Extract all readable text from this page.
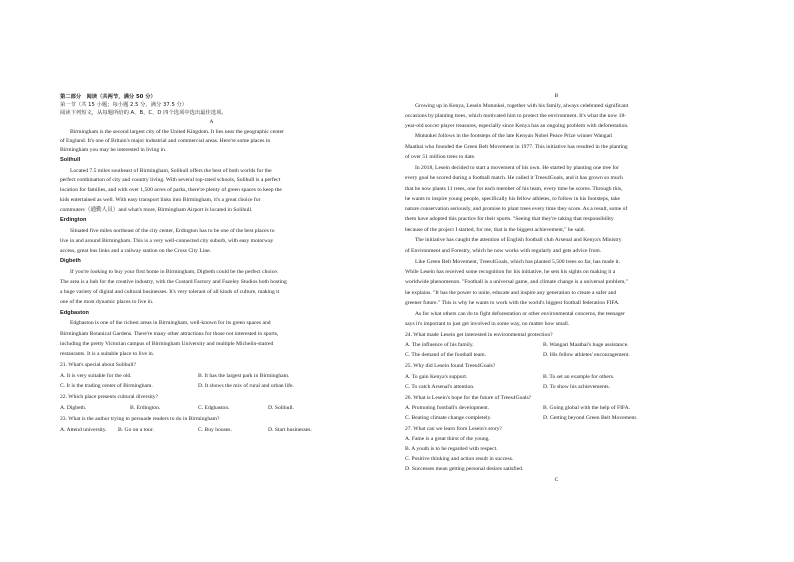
第二部分　阅读（共两节，满分 50 分）
第一节（共 15 小题；每小题 2.5 分，满分 37.5 分）
阅读下列短文，从每题所给的 A、B、C、D 四个选项中选出最佳选项。
A
Birmingham is the second largest city of the United Kingdom. It lies near the geographic center
of England. It's one of Britain's major industrial and commercial areas. Here're some places in
Birmingham you may be interested in living in.
Solihull
Located 7.5 miles southeast of Birmingham, Solihull offers the best of both worlds for the
perfect combination of city and country living. With several top-rated schools, Solihull is a perfect
location for families, and with over 1,500 acres of parks, there're plenty of green spaces to keep the
kids entertained as well. With easy transport links into Birmingham, it's a great choice for
commuters（通勤人员）and what's more, Birmingham Airport is located in Solihull.
Erdington
Situated five miles northeast of the city center, Erdington has to be one of the best places to
live in and around Birmingham. This is a very well-connected city suburb, with easy motorway
access, great bus links and a railway station on the Cross City Line.
Digbeth
If you're looking to buy your first home in Birmingham, Digbeth could be the perfect choice.
The area is a hub for the creative industry, with the Custard Factory and Fazeley Studios both hosting
a huge variety of digital and cultural businesses. It's very tolerant of all kinds of culture, making it
one of the most dynamic places to live in.
Edgbaston
Edgbaston is one of the richest areas in Birmingham, well-known for its green spaces and
Birmingham Botanical Gardens. There're many other attractions for those not interested in sports,
including the pretty Victorian campus of Birmingham University and multiple Michelin-starred
restaurants. It is a suitable place to live in.
21. What's special about Solihull?
A. It is very suitable for the old.	B. It has the largest park in Birmingham.
C. It is the trading center of Birmingham.	D. It shows the mix of rural and urban life.
22. Which place presents cultural diversity?
A. Digbeth.	B. Erdington.	C. Edgbaston.	D. Solihull.
23. What is the author trying to persuade readers to do in Birmingham?
A. Attend university. B. Go on a tour.	C. Buy houses.	D. Start businesses.
B
Growing up in Kenya, Lesein Mutunkei, together with his family, always celebrated significant
occasions by planting trees, which motivated him to protect the environment. It's what the now 18-
year-old soccer player treasures, especially since Kenya has an ongoing problem with deforestation.
Mutunkei follows in the footsteps of the late Kenyan Nobel Peace Prize winner Wangari
Maathai who founded the Green Belt Movement in 1977. This initiative has resulted in the planting
of over 51 million trees to date.
In 2018, Lesein decided to start a movement of his own. He started by planting one tree for
every goal he scored during a football match. He called it Trees4Goals, and it has grown so much
that he now plants 11 trees, one for each member of his team, every time he scores. Through this,
he wants to inspire young people, specifically his fellow athletes, to follow in his footsteps, take
nature conservation seriously, and promise to plant trees every time they score. As a result, some of
them have adopted this practice for their sports. "Seeing that they're taking that responsibility
because of the project I started, for me, that is the biggest achievement," he said.
The initiative has caught the attention of English football club Arsenal and Kenya's Ministry
of Environment and Forestry, which he now works with regularly and gets advice from.
Like Green Belt Movement, Trees4Goals, which has planted 5,500 trees so far, has made it.
While Lesein has received some recognition for his initiative, he sets his sights on making it a
worldwide phenomenon. "Football is a universal game, and climate change is a universal problem,"
he explains. "It has the power to unite, educate and inspire any generation to create a safer and
greener future." This is why he wants to work with the world's biggest football federation FIFA.
As for what others can do to fight deforestation or other environmental concerns, the teenager
says it's important to just get involved in some way, no matter how small.
24. What made Lesein get interested in environmental protection?
A. The influence of his family.	B. Wangari Maathai's huge assistance.
C. The demand of the football team.	D. His fellow athletes' encouragement.
25. Why did Lesein found Trees4Goals?
A. To gain Kenya's support.	B. To set an example for others.
C. To catch Arsenal's attention.	D. To show his achievements.
26. What is Lesein's hope for the future of Trees4Goals?
A. Promoting football's development.	B. Going global with the help of FIFA.
C. Beating climate change completely.	D. Getting beyond Green Belt Movement.
27. What can we learn from Lesein's story?
A. Fame is a great thirst of the young.
B. A youth is to be regarded with respect.
C. Positive thinking and action result in success.
D. Successes mean getting personal desires satisfied.
C
